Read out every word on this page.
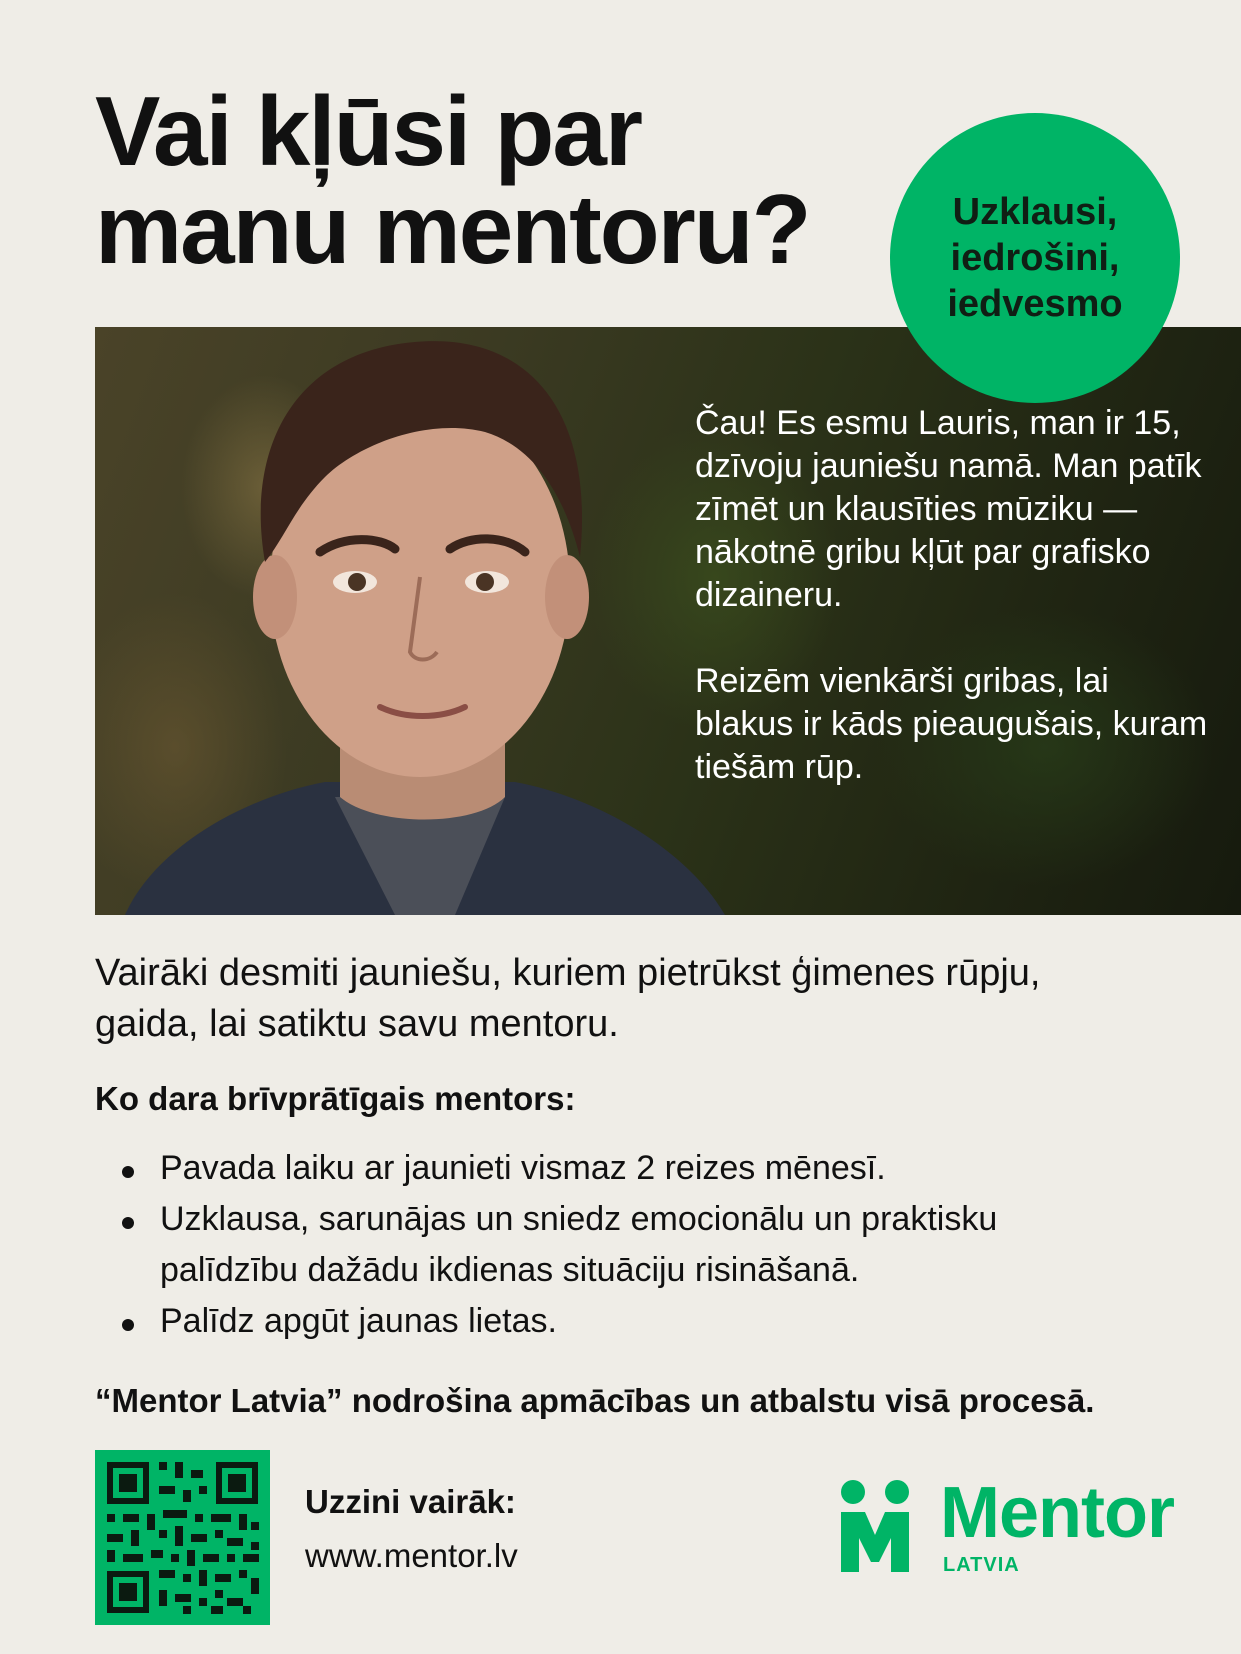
Vai kļūsi par
manu mentoru?

Čau! Es esmu Lauris, man ir 15, dzīvoju jauniešu namā. Man patīk zīmēt un klausīties mūziku — nākotnē gribu kļūt par grafisko dizaineru.

Reizēm vienkārši gribas, lai blakus ir kāds pieaugušais, kuram tiešām rūp.

Uzklausi,
iedrošini,
iedvesmo

Vairāki desmiti jauniešu, kuriem pietrūkst ģimenes rūpju, gaida, lai satiktu savu mentoru.

Ko dara brīvprātīgais mentors:
Pavada laiku ar jaunieti vismaz 2 reizes mēnesī.
Uzklausa, sarunājas un sniedz emocionālu un praktisku palīdzību dažādu ikdienas situāciju risināšanā.
Palīdz apgūt jaunas lietas.

“Mentor Latvia” nodrošina apmācības un atbalstu visā procesā.

Uzzini vairāk:

www.mentor.lv

Mentor
LATVIA
